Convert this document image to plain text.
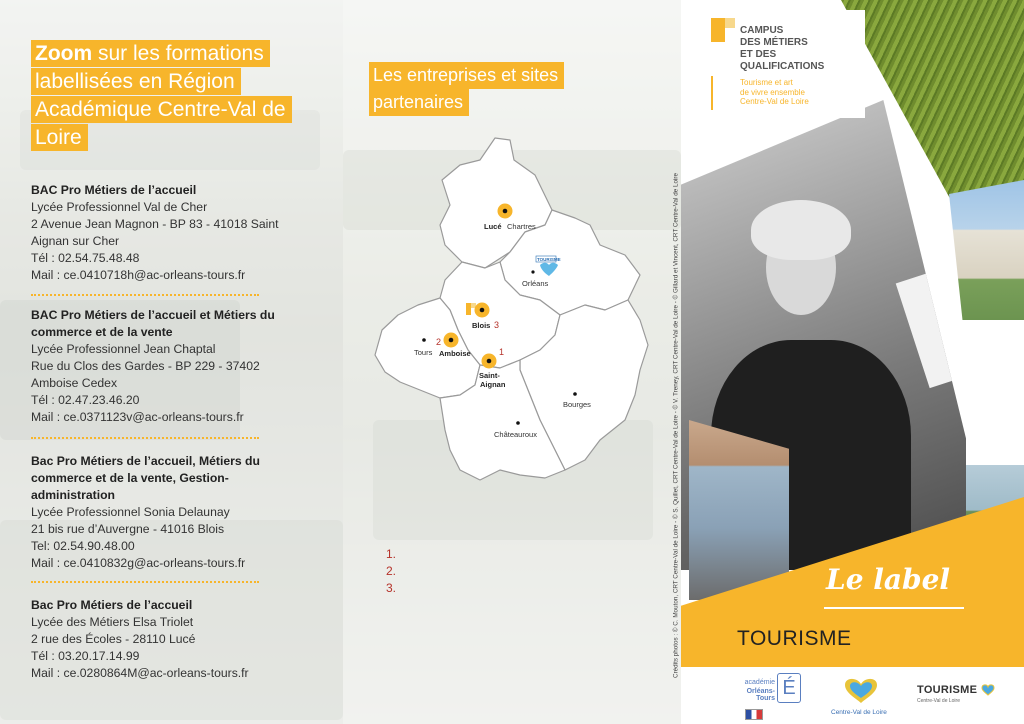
Zoom sur les formations
labellisées en Région
Académique Centre-Val de
Loire
BAC Pro Métiers de l’accueil
Lycée Professionnel Val de Cher
2 Avenue Jean Magnon - BP 83 - 41018 Saint
Aignan sur Cher
Tél : 02.54.75.48.48
Mail : ce.0410718h@ac-orleans-tours.fr
BAC Pro Métiers de l’accueil et Métiers du
commerce et de la vente
Lycée Professionnel Jean Chaptal
Rue du Clos des Gardes - BP 229 - 37402
Amboise Cedex
Tél : 02.47.23.46.20
Mail : ce.0371123v@ac-orleans-tours.fr
Bac Pro Métiers de l’accueil, Métiers du
commerce et de la vente, Gestion-
administration
Lycée Professionnel Sonia Delaunay
21 bis rue d’Auvergne - 41016 Blois
Tel: 02.54.90.48.00
Mail : ce.0410832g@ac-orleans-tours.fr
Bac Pro Métiers de l’accueil
Lycée des Métiers Elsa Triolet
2 rue des Écoles - 28110 Lucé
Tél : 03.20.17.14.99
Mail : ce.0280864M@ac-orleans-tours.fr
Les entreprises et sites
partenaires
Lucé Chartres
TOURISME
Orléans
Blois 3
Tours
2
Amboise	1
Saint-
Aignan
Bourges
Châteauroux
1.
2.
3.	Crédits photos : © C. Mouton, CRT Centre-Val de Loire - © S. Quillet, CRT Centre-Val de Loire - © V. Treney, CRT Centre-Val de Loire - © Gillard et Vincent, CRT Centre-Val de Loire
CAMPUS
DES MÉTIERS
ET DES
QUALIFICATIONS
Tourisme et art
de vivre ensemble
Centre-Val de Loire
Le label
TOURISME
É
académie
Orléans-Tours
Centre-Val de Loire
TOURISME
Centre-Val de Loire
